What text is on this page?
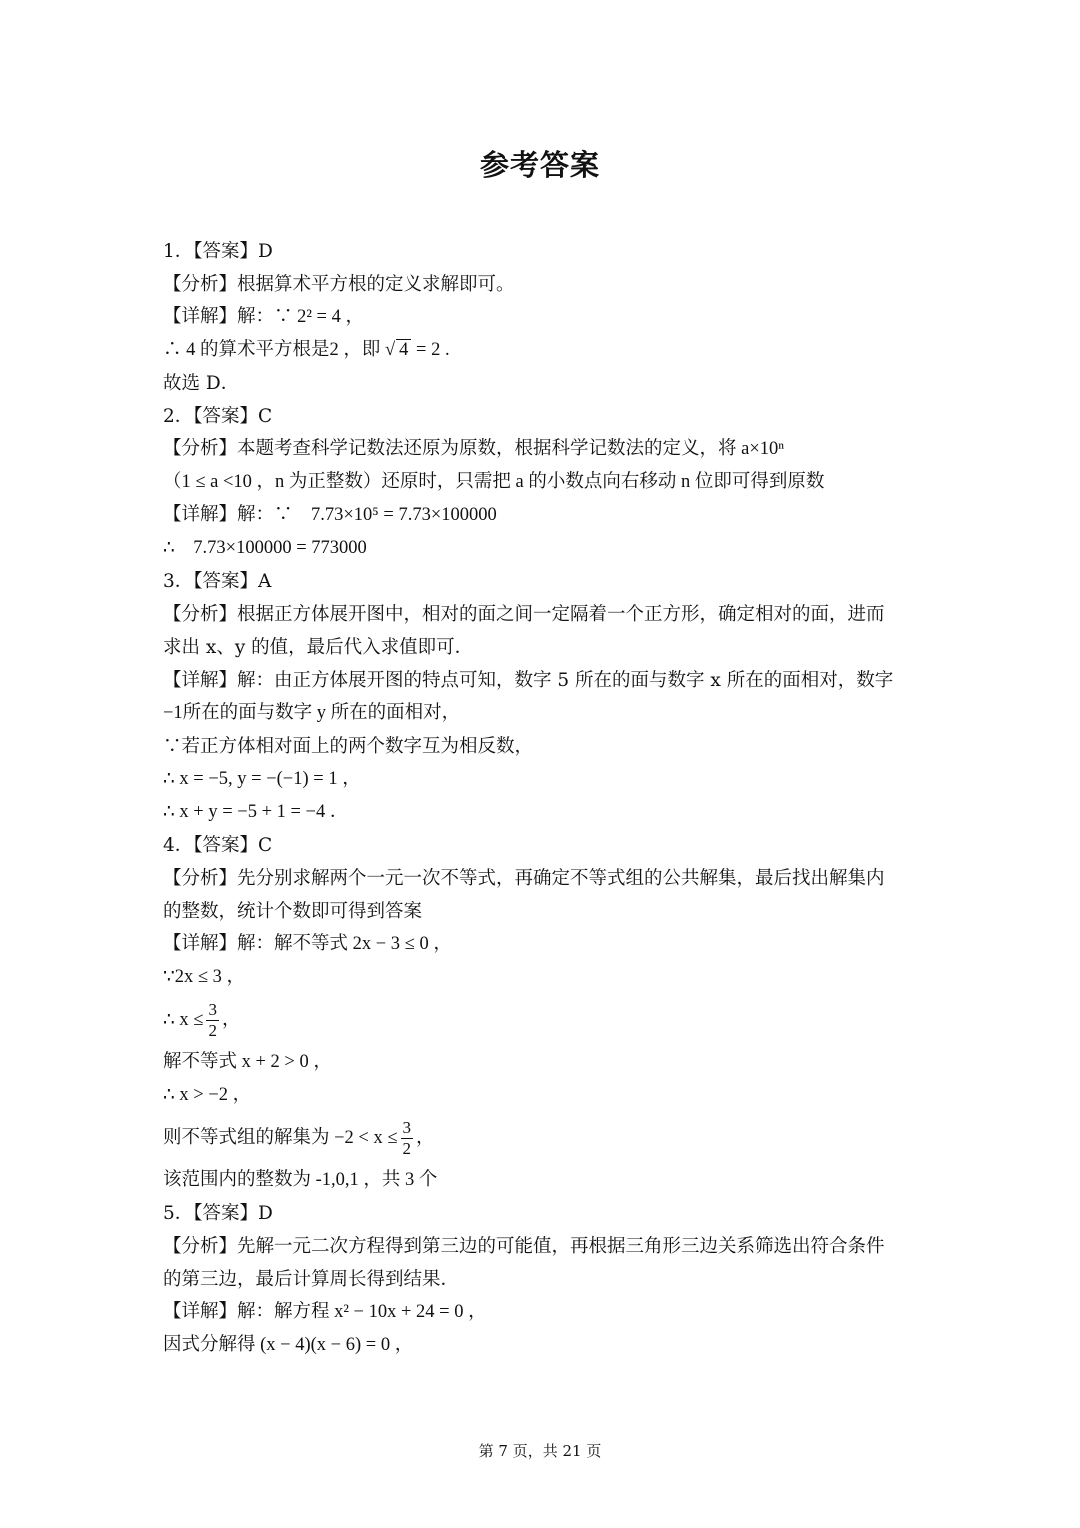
参考答案
1．【答案】D
【分析】根据算术平方根的定义求解即可。
【详解】解：∵ 2² = 4 ，
∴ 4 的算术平方根是2 ，即 √ 4 = 2 .
故选 D．
2．【答案】C
【分析】本题考查科学记数法还原为原数，根据科学记数法的定义，将 a×10ⁿ
（1 ≤ a <10 ，n 为正整数）还原时，只需把 a 的小数点向右移动 n 位即可得到原数
【详解】解：∵　7.73×10⁵ = 7.73×100000
∴　7.73×100000 = 773000
3．【答案】A
【分析】根据正方体展开图中，相对的面之间一定隔着一个正方形，确定相对的面，进而
求出 x、y 的值，最后代入求值即可．
【详解】解：由正方体展开图的特点可知，数字 5 所在的面与数字 x 所在的面相对，数字
−1所在的面与数字 y 所在的面相对，
∵若正方体相对面上的两个数字互为相反数，
∴ x = −5, y = −(−1) = 1 ，
∴ x + y = −5 + 1 = −4 ．
4．【答案】C
【分析】先分别求解两个一元一次不等式，再确定不等式组的公共解集，最后找出解集内
的整数，统计个数即可得到答案
【详解】解：解不等式 2x − 3 ≤ 0 ，
∵2x ≤ 3 ，
∴ $x \le \frac{3}{2}$ ，
解不等式 x + 2 > 0 ，
∴ x > −2 ，
则不等式组的解集为 $-2 < x \le \frac{3}{2}$ ，
该范围内的整数为 -1,0,1 ，共 3 个
5．【答案】D
【分析】先解一元二次方程得到第三边的可能值，再根据三角形三边关系筛选出符合条件
的第三边，最后计算周长得到结果．
【详解】解：解方程 x² − 10x + 24 = 0 ，
因式分解得 (x − 4)(x − 6) = 0 ，
第 7 页，共 21 页
